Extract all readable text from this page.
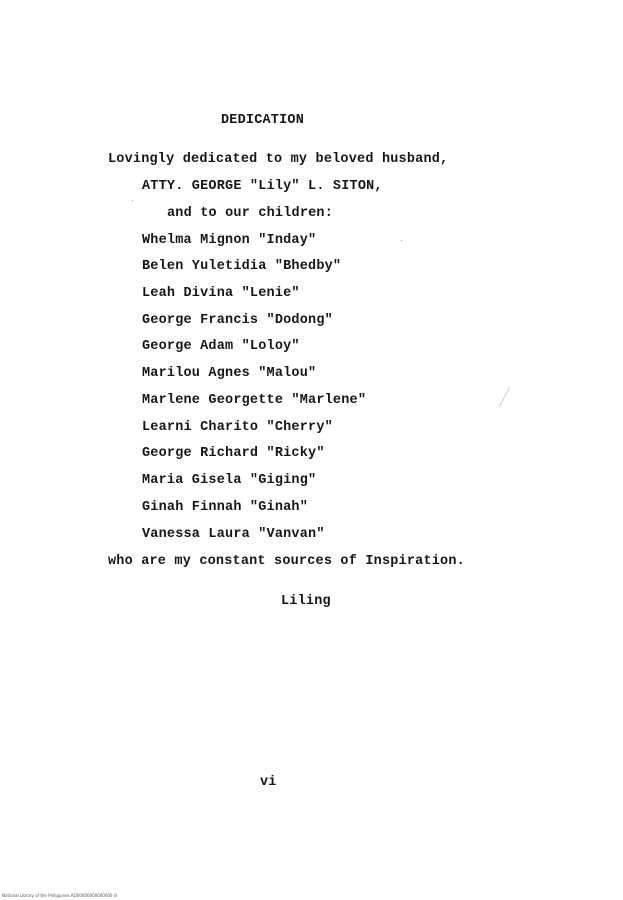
DEDICATION
Lovingly dedicated to my beloved husband,
ATTY. GEORGE "Lily" L. SITON,
and to our children:
Whelma Mignon "Inday"
Belen Yuletidia "Bhedby"
Leah Divina "Lenie"
George Francis "Dodong"
George Adam "Loloy"
Marilou Agnes "Malou"
Marlene Georgette "Marlene"
Learni Charito "Cherry"
George Richard "Ricky"
Maria Gisela "Giging"
Ginah Finnah "Ginah"
Vanessa Laura "Vanvan"
who are my constant sources of Inspiration.
Liling
vi
National Library of the Philippines RD00000000000000 lil
